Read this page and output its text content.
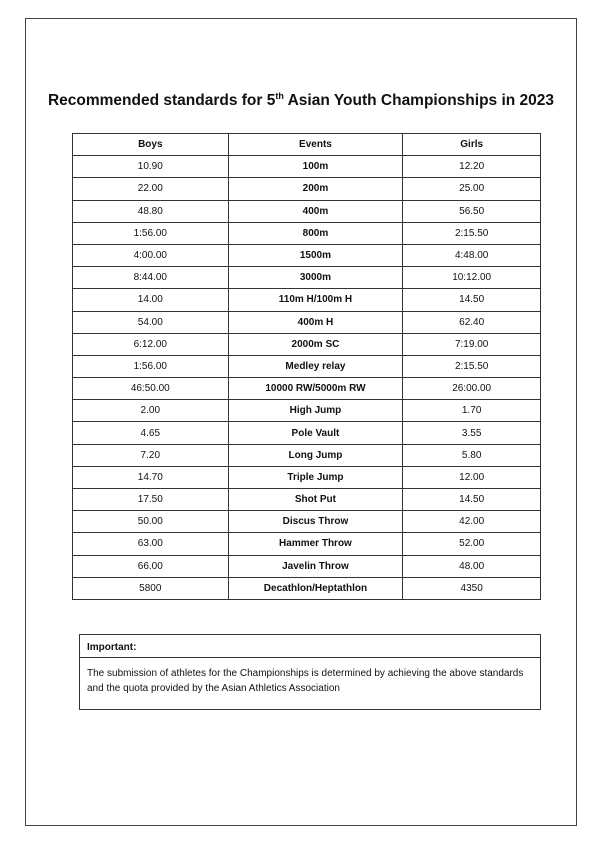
Recommended standards for 5th Asian Youth Championships in 2023
Boys	Events	Girls
10.90	100m	12.20
22.00	200m	25.00
48.80	400m	56.50
1:56.00	800m	2:15.50
4:00.00	1500m	4:48.00
8:44.00	3000m	10:12.00
14.00	110m H/100m H	14.50
54.00	400m H	62.40
6:12.00	2000m SC	7:19.00
1:56.00	Medley relay	2:15.50
46:50.00	10000 RW/5000m RW	26:00.00
2.00	High Jump	1.70
4.65	Pole Vault	3.55
7.20	Long Jump	5.80
14.70	Triple Jump	12.00
17.50	Shot Put	14.50
50.00	Discus Throw	42.00
63.00	Hammer Throw	52.00
66.00	Javelin Throw	48.00
5800	Decathlon/Heptathlon	4350
Important:
The submission of athletes for the Championships is determined by achieving the above standards
and the quota provided by the Asian Athletics Association
